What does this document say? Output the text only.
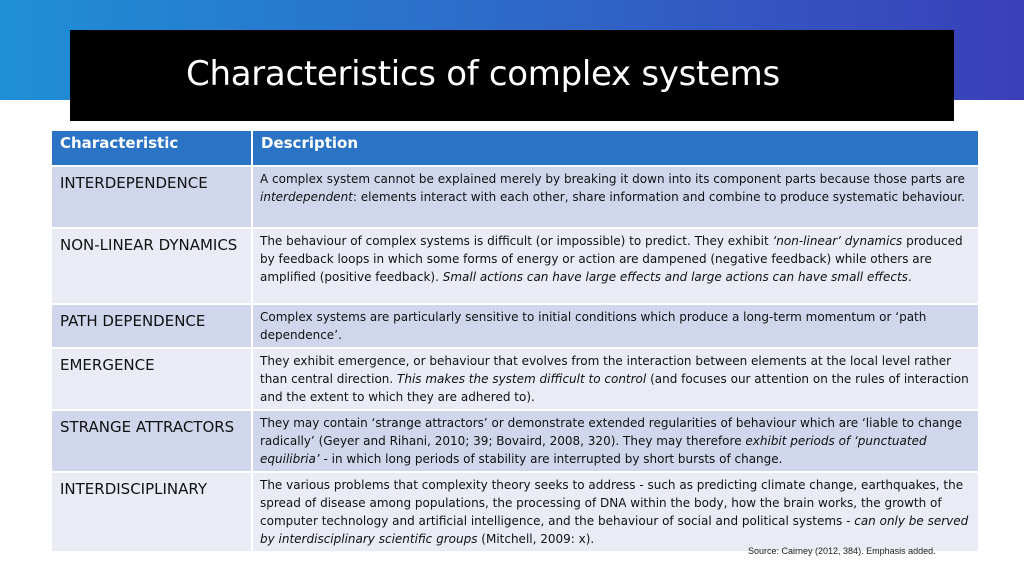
Characteristics of complex systems
Characteristic	Description
INTERDEPENDENCE	A complex system cannot be explained merely by breaking it down into its component parts because those parts are interdependent: elements interact with each other, share information and combine to produce systematic behaviour.
NON-LINEAR DYNAMICS	The behaviour of complex systems is difficult (or impossible) to predict. They exhibit ‘non-linear’ dynamics produced by feedback loops in which some forms of energy or action are dampened (negative feedback) while others are amplified (positive feedback). Small actions can have large effects and large actions can have small effects.
PATH DEPENDENCE	Complex systems are particularly sensitive to initial conditions which produce a long-term momentum or ‘path dependence’.
EMERGENCE	They exhibit emergence, or behaviour that evolves from the interaction between elements at the local level rather than central direction. This makes the system difficult to control (and focuses our attention on the rules of interaction and the extent to which they are adhered to).
STRANGE ATTRACTORS	They may contain ‘strange attractors’ or demonstrate extended regularities of behaviour which are ‘liable to change radically’ (Geyer and Rihani, 2010; 39; Bovaird, 2008, 320). They may therefore exhibit periods of ‘punctuated equilibria’ - in which long periods of stability are interrupted by short bursts of change.
INTERDISCIPLINARY	The various problems that complexity theory seeks to address - such as predicting climate change, earthquakes, the spread of disease among populations, the processing of DNA within the body, how the brain works, the growth of computer technology and artificial intelligence, and the behaviour of social and political systems - can only be served by interdisciplinary scientific groups (Mitchell, 2009: x).
Source: Cairney (2012, 384). Emphasis added.
